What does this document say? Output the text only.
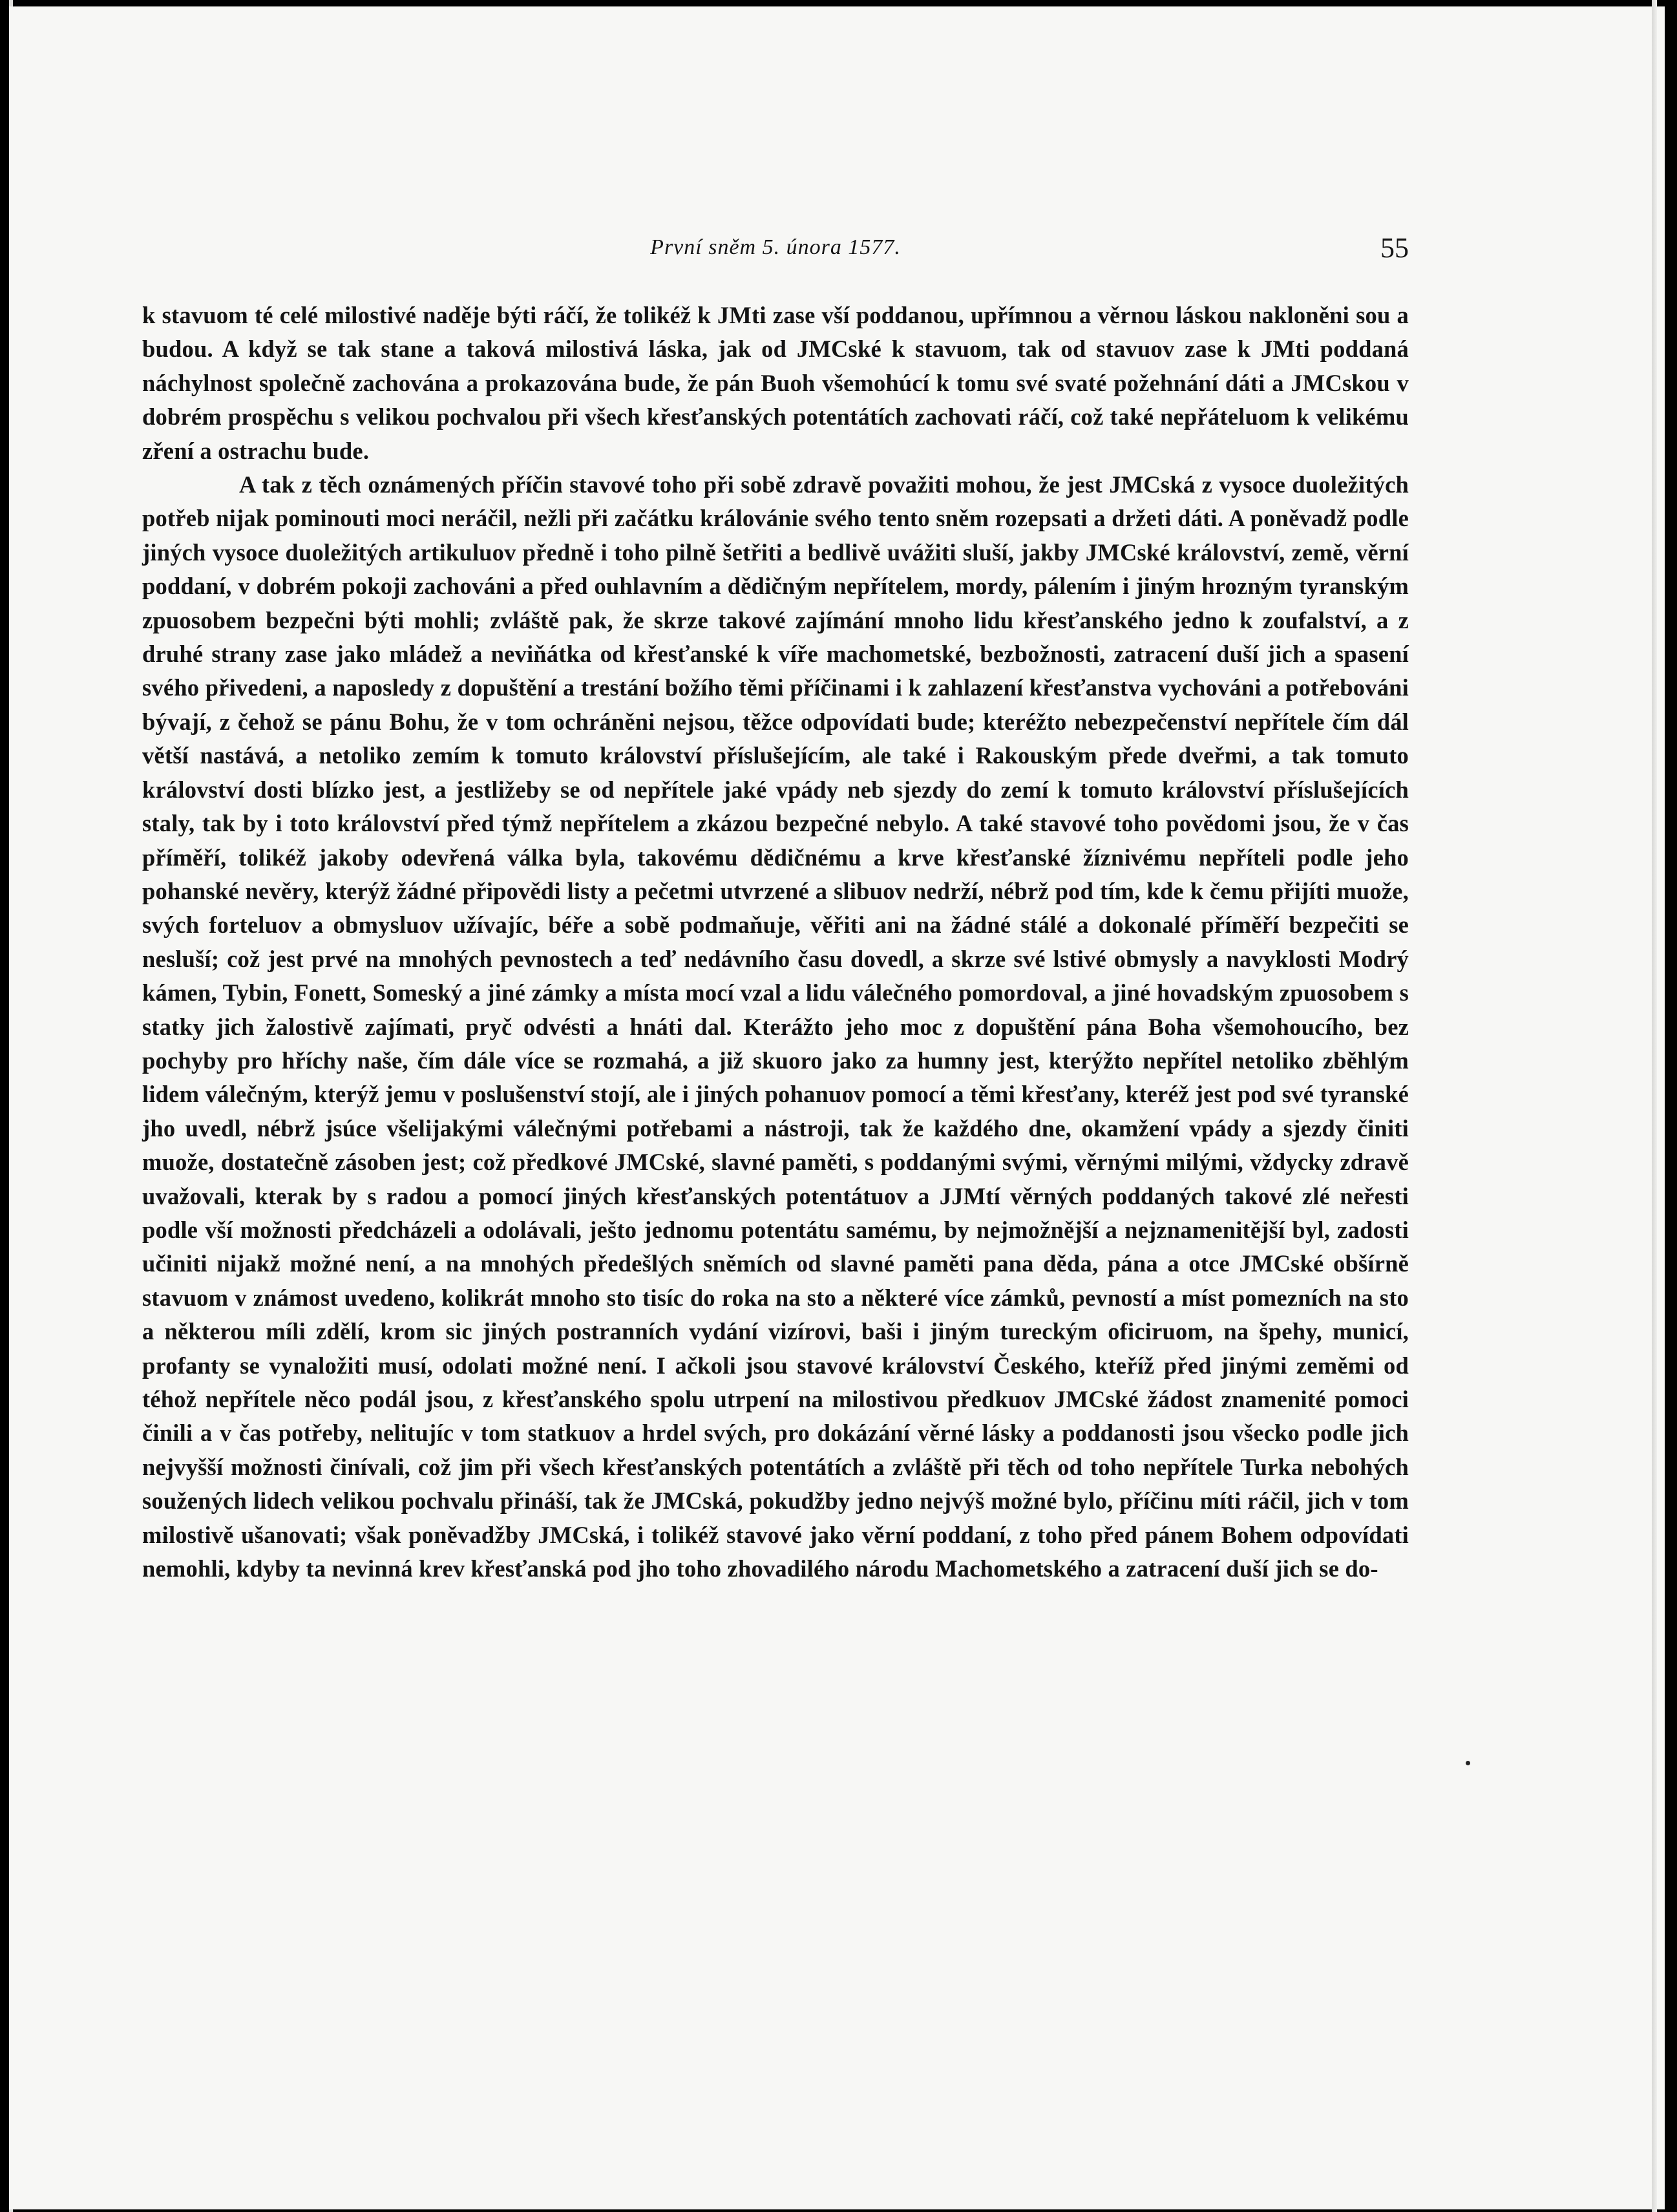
První sněm 5. února 1577.	55

k stavuom té celé milostivé naděje býti ráčí, že tolikéž k JMti zase vší poddanou, upřímnou a věrnou láskou nakloněni sou a budou. A když se tak stane a taková milostivá láska, jak od JMCské k stavuom, tak od stavuov zase k JMti poddaná náchylnost společně zachována a prokazována bude, že pán Buoh všemohúcí k tomu své svaté požehnání dáti a JMCskou v dobrém prospěchu s velikou pochvalou při všech křesťanských potentátích zachovati ráčí, což také nepřáteluom k velikému zření a ostrachu bude.

A tak z těch oznámených příčin stavové toho při sobě zdravě považiti mohou, že jest JMCská z vysoce duoležitých potřeb nijak pominouti moci neráčil, nežli při začátku královánie svého tento sněm rozepsati a držeti dáti. A poněvadž podle jiných vysoce duoležitých artikuluov předně i toho pilně šetřiti a bedlivě uvážiti sluší, jakby JMCské království, země, věrní poddaní, v dobrém pokoji zachováni a před ouhlavním a dědičným nepřítelem, mordy, pálením i jiným hrozným tyranským zpuosobem bezpečni býti mohli; zvláště pak, že skrze takové zajímání mnoho lidu křesťanského jedno k zoufalství, a z druhé strany zase jako mládež a neviňátka od křesťanské k víře machometské, bezbožnosti, zatracení duší jich a spasení svého přivedeni, a naposledy z dopuštění a trestání božího těmi příčinami i k zahlazení křesťanstva vychováni a potřebováni bývají, z čehož se pánu Bohu, že v tom ochráněni nejsou, těžce odpovídati bude; kteréžto nebezpečenství nepřítele čím dál větší nastává, a netoliko zemím k tomuto království příslušejícím, ale také i Rakouským přede dveřmi, a tak tomuto království dosti blízko jest, a jestližeby se od nepřítele jaké vpády neb sjezdy do zemí k tomuto království příslušejících staly, tak by i toto království před týmž nepřítelem a zkázou bezpečné nebylo. A také stavové toho povědomi jsou, že v čas příměří, tolikéž jakoby odevřená válka byla, takovému dědičnému a krve křesťanské žíznivému nepříteli podle jeho pohanské nevěry, kterýž žádné připovědi listy a pečetmi utvrzené a slibuov nedrží, nébrž pod tím, kde k čemu přijíti muože, svých forteluov a obmysluov užívajíc, béře a sobě podmaňuje, věřiti ani na žádné stálé a dokonalé příměří bezpečiti se nesluší; což jest prvé na mnohých pevnostech a teď nedávního času dovedl, a skrze své lstivé obmysly a navyklosti Modrý kámen, Tybin, Fonett, Someský a jiné zámky a místa mocí vzal a lidu válečného pomordoval, a jiné hovadským zpuosobem s statky jich žalostivě zajímati, pryč odvésti a hnáti dal. Kterážto jeho moc z dopuštění pána Boha všemohoucího, bez pochyby pro hříchy naše, čím dále více se rozmahá, a již skuoro jako za humny jest, kterýžto nepřítel netoliko zběhlým lidem válečným, kterýž jemu v poslušenství stojí, ale i jiných pohanuov pomocí a těmi křesťany, kteréž jest pod své tyranské jho uvedl, nébrž jsúce všelijakými válečnými potřebami a nástroji, tak že každého dne, okamžení vpády a sjezdy činiti muože, dostatečně zásoben jest; což předkové JMCské, slavné paměti, s poddanými svými, věrnými milými, vždycky zdravě uvažovali, kterak by s radou a pomocí jiných křesťanských potentátuov a JJMtí věrných poddaných takové zlé neřesti podle vší možnosti předcházeli a odolávali, ješto jednomu potentátu samému, by nejmožnější a nejznamenitější byl, zadosti učiniti nijakž možné není, a na mnohých předešlých sněmích od slavné paměti pana děda, pána a otce JMCské obšírně stavuom v známost uvedeno, kolikrát mnoho sto tisíc do roka na sto a některé více zámků, pevností a míst pomezních na sto a některou míli zdělí, krom sic jiných postranních vydání vizírovi, baši i jiným tureckým oficiruom, na špehy, municí, profanty se vynaložiti musí, odolati možné není. I ačkoli jsou stavové království Českého, kteříž před jinými zeměmi od téhož nepřítele něco podál jsou, z křesťanského spolu utrpení na milostivou předkuov JMCské žádost znamenité pomoci činili a v čas potřeby, nelitujíc v tom statkuov a hrdel svých, pro dokázání věrné lásky a poddanosti jsou všecko podle jich nejvyšší možnosti činívali, což jim při všech křesťanských potentátích a zvláště při těch od toho nepřítele Turka nebohých soužených lidech velikou pochvalu přináší, tak že JMCská, pokudžby jedno nejvýš možné bylo, příčinu míti ráčil, jich v tom milostivě ušanovati; však poněvadžby JMCská, i tolikéž stavové jako věrní poddaní, z toho před pánem Bohem odpovídati nemohli, kdyby ta nevinná krev křesťanská pod jho toho zhovadilého národu Machometského a zatracení duší jich se do-
